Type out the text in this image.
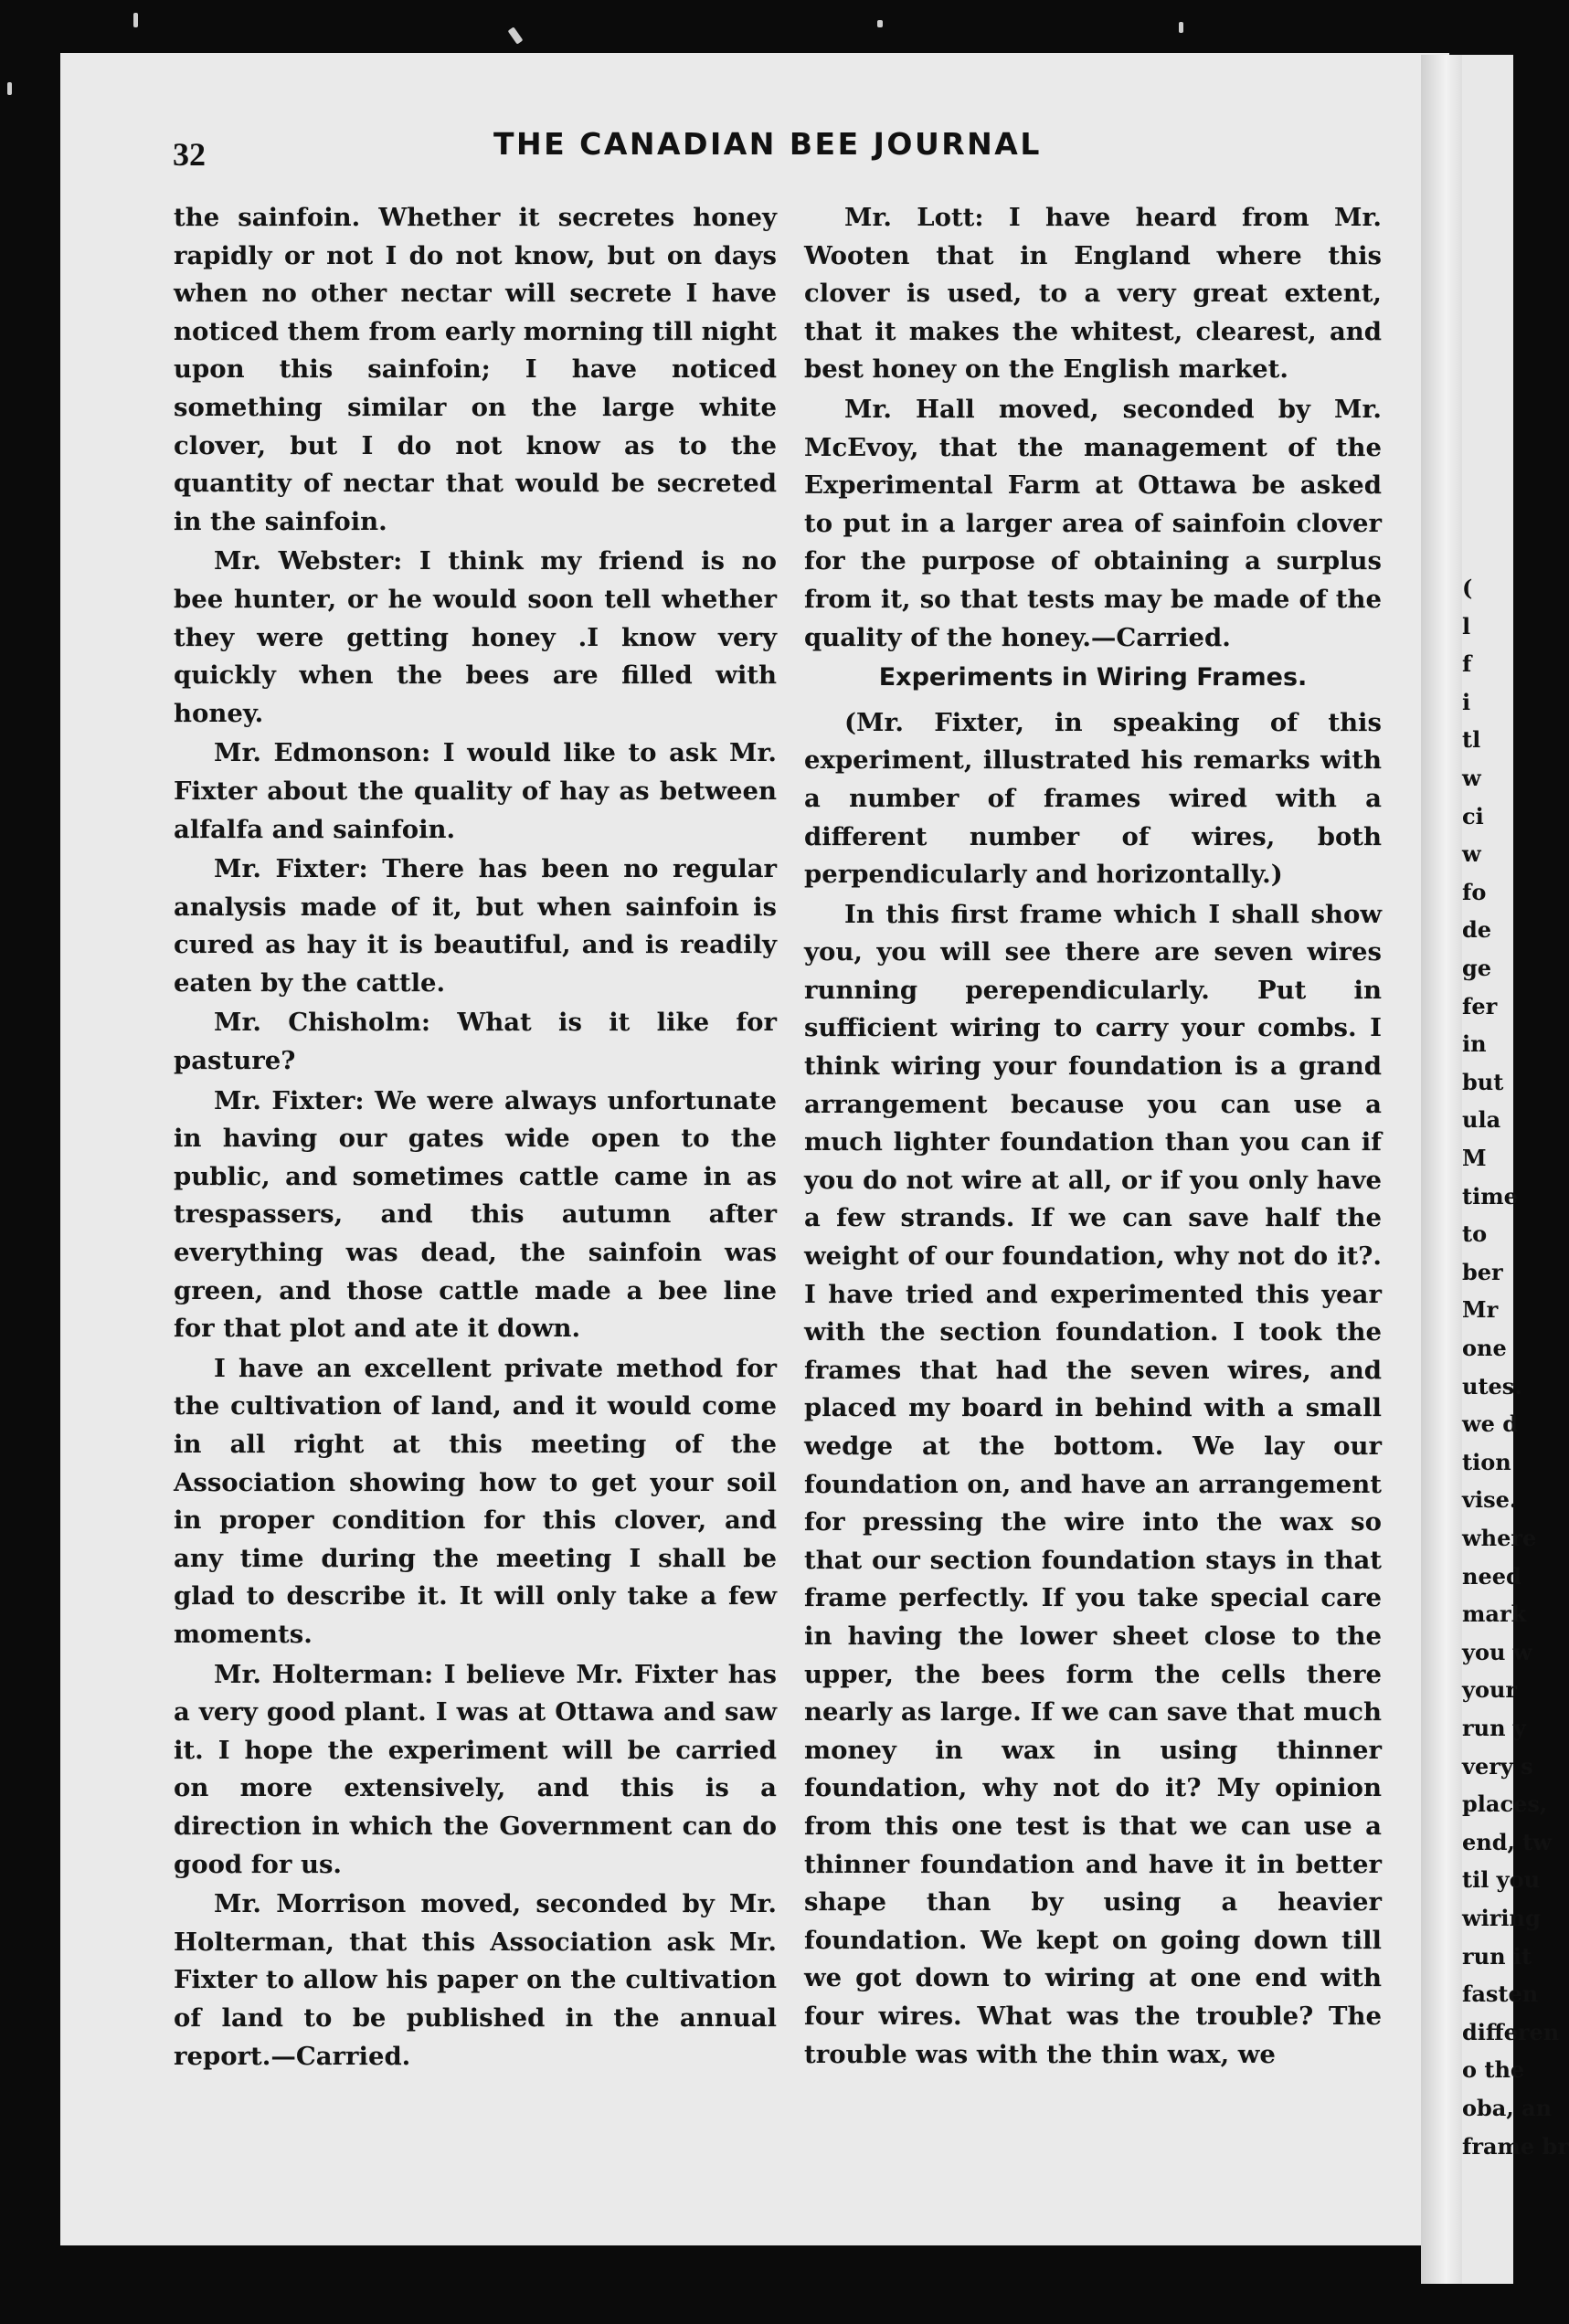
(
l
f
i
tl
w
ci
w
fo
de
ge
fer
in
but
ula
M
time
to
ber
Mr
one
utes.
we d
tion
vise.
where
need
mark
you w
your
run y
very s
places,
end, tw
til you
wiring
run it
fasten
differen
o the
oba, an
frame br
32	THE CANADIAN BEE JOURNAL

the sainfoin. Whether it secretes honey rapidly or not I do not know, but on days when no other nectar will secrete I have noticed them from early morning till night upon this sainfoin; I have noticed something similar on the large white clover, but I do not know as to the quantity of nectar that would be secreted in the sainfoin.

Mr. Webster: I think my friend is no bee hunter, or he would soon tell whether they were getting honey .I know very quickly when the bees are filled with honey.

Mr. Edmonson: I would like to ask Mr. Fixter about the quality of hay as between alfalfa and sainfoin.

Mr. Fixter: There has been no regular analysis made of it, but when sainfoin is cured as hay it is beautiful, and is readily eaten by the cattle.

Mr. Chisholm: What is it like for pasture?

Mr. Fixter: We were always unfortunate in having our gates wide open to the public, and sometimes cattle came in as trespassers, and this autumn after everything was dead, the sainfoin was green, and those cattle made a bee line for that plot and ate it down.

I have an excellent private method for the cultivation of land, and it would come in all right at this meeting of the Association showing how to get your soil in proper condition for this clover, and any time during the meeting I shall be glad to describe it. It will only take a few moments.

Mr. Holterman: I believe Mr. Fixter has a very good plant. I was at Ottawa and saw it. I hope the experiment will be carried on more extensively, and this is a direction in which the Government can do good for us.

Mr. Morrison moved, seconded by Mr. Holterman, that this Association ask Mr. Fixter to allow his paper on the cultivation of land to be published in the annual report.—Carried.

Mr. Lott: I have heard from Mr. Wooten that in England where this clover is used, to a very great extent, that it makes the whitest, clearest, and best honey on the English market.

Mr. Hall moved, seconded by Mr. McEvoy, that the management of the Experimental Farm at Ottawa be asked to put in a larger area of sainfoin clover for the purpose of obtaining a surplus from it, so that tests may be made of the quality of the honey.—Carried.

Experiments in Wiring Frames.

(Mr. Fixter, in speaking of this experiment, illustrated his remarks with a number of frames wired with a different number of wires, both perpendicularly and horizontally.)

In this first frame which I shall show you, you will see there are seven wires running perependicularly. Put in sufficient wiring to carry your combs. I think wiring your foundation is a grand arrangement because you can use a much lighter foundation than you can if you do not wire at all, or if you only have a few strands. If we can save half the weight of our foundation, why not do it?. I have tried and experimented this year with the section foundation. I took the frames that had the seven wires, and placed my board in behind with a small wedge at the bottom. We lay our foundation on, and have an arrangement for pressing the wire into the wax so that our section foundation stays in that frame perfectly. If you take special care in having the lower sheet close to the upper, the bees form the cells there nearly as large. If we can save that much money in wax in using thinner foundation, why not do it? My opinion from this one test is that we can use a thinner foundation and have it in better shape than by using a heavier foundation. We kept on going down till we got down to wiring at one end with four wires. What was the trouble? The trouble was with the thin wax, we
